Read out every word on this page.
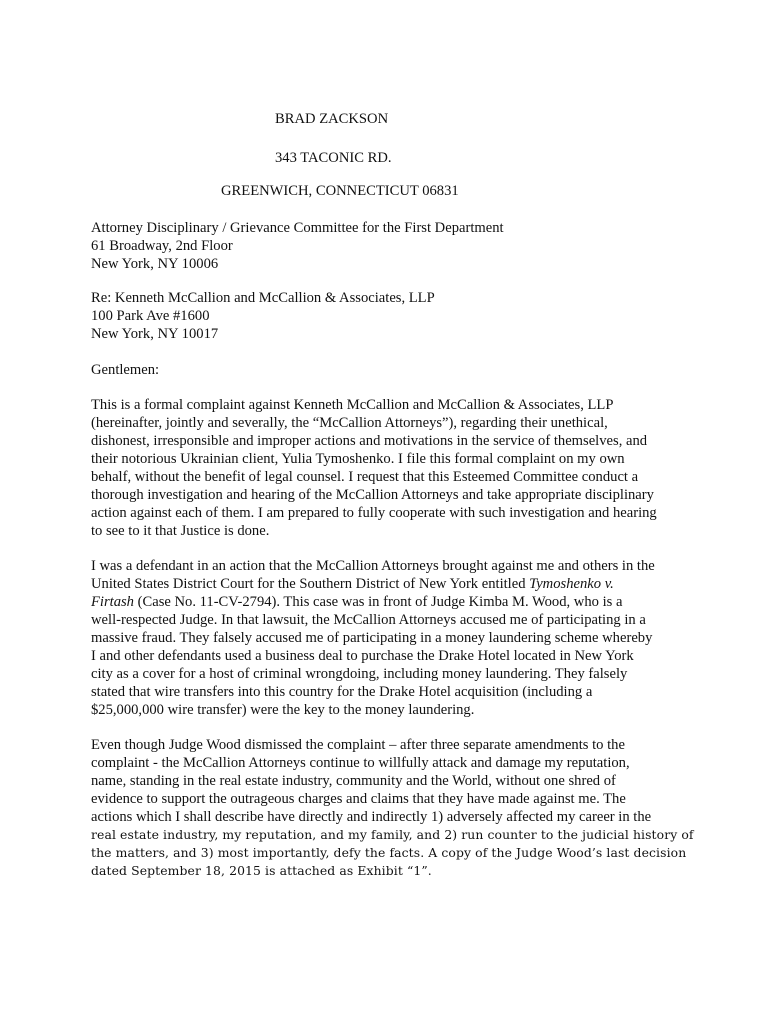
BRAD ZACKSON
343 TACONIC RD.
GREENWICH, CONNECTICUT 06831
Attorney Disciplinary / Grievance Committee for the First Department
61 Broadway, 2nd Floor
New York, NY 10006
Re: Kenneth McCallion and McCallion & Associates, LLP
100 Park Ave #1600
New York, NY 10017
Gentlemen:

This is a formal complaint against Kenneth McCallion and McCallion & Associates, LLP

(hereinafter, jointly and severally, the “McCallion Attorneys”), regarding their unethical,

dishonest, irresponsible and improper actions and motivations in the service of themselves, and

their notorious Ukrainian client, Yulia Tymoshenko. I file this formal complaint on my own

behalf, without the benefit of legal counsel. I request that this Esteemed Committee conduct a

thorough investigation and hearing of the McCallion Attorneys and take appropriate disciplinary

action against each of them. I am prepared to fully cooperate with such investigation and hearing

to see to it that Justice is done.

I was a defendant in an action that the McCallion Attorneys brought against me and others in the

United States District Court for the Southern District of New York entitled Tymoshenko v.

Firtash (Case No. 11-CV-2794). This case was in front of Judge Kimba M. Wood, who is a

well-respected Judge. In that lawsuit, the McCallion Attorneys accused me of participating in a

massive fraud. They falsely accused me of participating in a money laundering scheme whereby

I and other defendants used a business deal to purchase the Drake Hotel located in New York

city as a cover for a host of criminal wrongdoing, including money laundering. They falsely

stated that wire transfers into this country for the Drake Hotel acquisition (including a

$25,000,000 wire transfer) were the key to the money laundering.

Even though Judge Wood dismissed the complaint – after three separate amendments to the

complaint - the McCallion Attorneys continue to willfully attack and damage my reputation,

name, standing in the real estate industry, community and the World, without one shred of

evidence to support the outrageous charges and claims that they have made against me. The

actions which I shall describe have directly and indirectly 1) adversely affected my career in the

real estate industry, my reputation, and my family, and 2) run counter to the judicial history of

the matters, and 3) most importantly, defy the facts. A copy of the Judge Wood’s last decision

dated September 18, 2015 is attached as Exhibit “1”.
